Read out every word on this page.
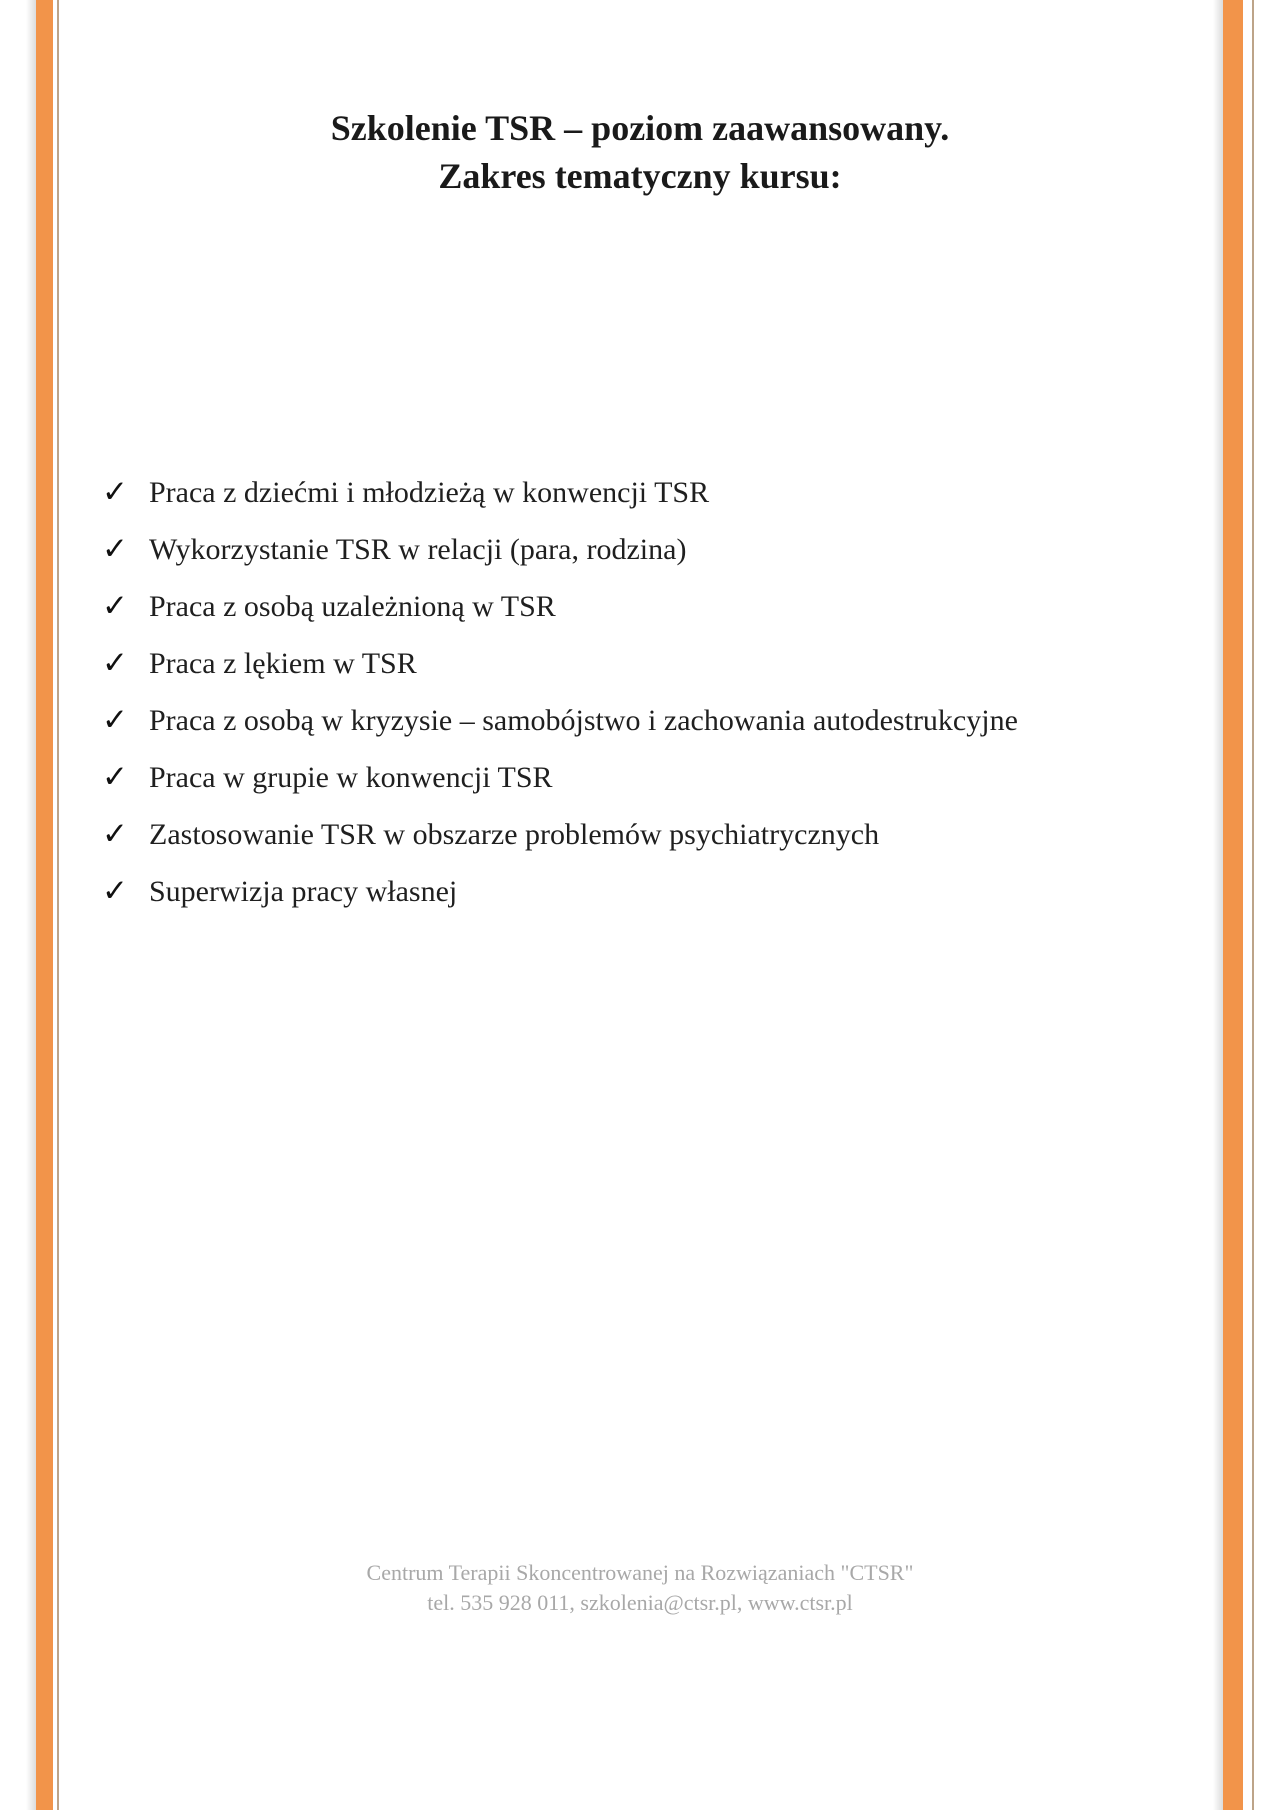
Szkolenie TSR – poziom zaawansowany.
Zakres tematyczny kursu:
✓ Praca z dziećmi i młodzieżą w konwencji TSR
✓ Wykorzystanie TSR w relacji (para, rodzina)
✓ Praca z osobą uzależnioną w TSR
✓ Praca z lękiem w TSR
✓ Praca z osobą w kryzysie – samobójstwo i zachowania autodestrukcyjne
✓ Praca w grupie w konwencji TSR
✓ Zastosowanie TSR w obszarze problemów psychiatrycznych
✓ Superwizja pracy własnej

Centrum Terapii Skoncentrowanej na Rozwiązaniach "CTSR"

tel. 535 928 011, szkolenia@ctsr.pl, www.ctsr.pl
